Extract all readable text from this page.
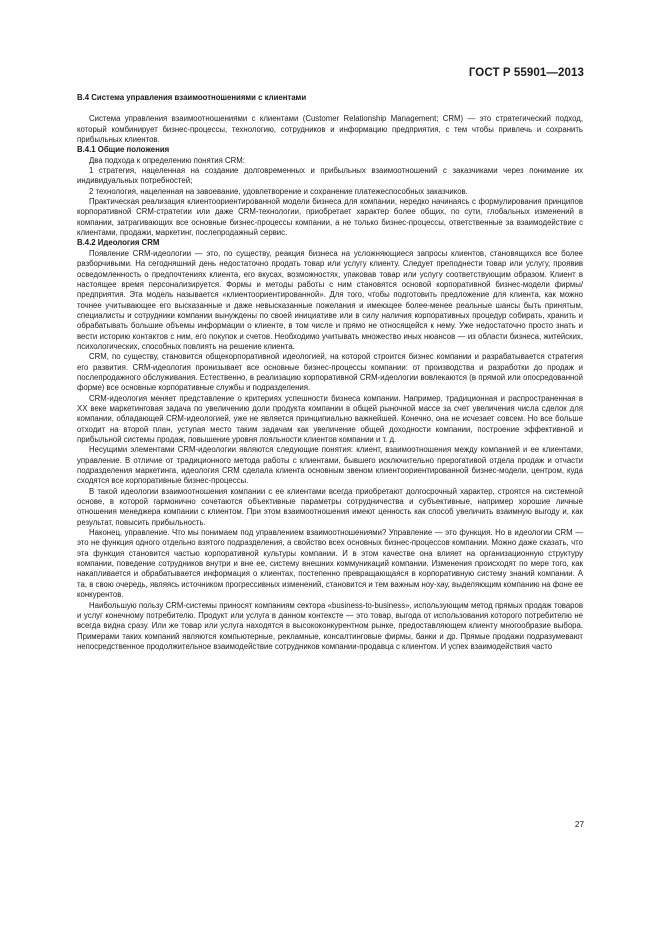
ГОСТ Р 55901—2013
В.4 Система управления взаимоотношениями с клиентами

Система управления взаимоотношениями с клиентами (Customer Relationship Management; CRM) — это стратегический подход, который комбинирует бизнес-процессы, технологию, сотрудников и информацию предприятия, с тем чтобы привлечь и сохранить прибыльных клиентов.

В.4.1 Общие положения

Два подхода к определению понятия CRM:

1 стратегия, нацеленная на создание долговременных и прибыльных взаимоотношений с заказчиками через понимание их индивидуальных потребностей;

2 технология, нацеленная на завоевание, удовлетворение и сохранение платежеспособных заказчиков.

Практическая реализация клиентоориентированной модели бизнеса для компании, нередко начинаясь с формулирования принципов корпоративной CRM-стратегии или даже CRM-технологии, приобретает характер более общих, по сути, глобальных изменений в компании, затрагивающих все основные бизнес-процессы компании, а не только бизнес-процессы, ответственные за взаимодействие с клиентами, продажи, маркетинг, послепродажный сервис.

В.4.2 Идеология CRM

Появление CRM-идеологии — это, по существу, реакция бизнеса на усложняющиеся запросы клиентов, становящихся все более разборчивыми. На сегодняшний день недостаточно продать товар или услугу клиенту. Следует преподнести товар или услугу, проявив осведомленность о предпочтениях клиента, его вкусах, возможностях, упаковав товар или услугу соответствующим образом. Клиент в настоящее время персонализируется. Формы и методы работы с ним становятся основой корпоративной бизнес-модели фирмы/предприятия. Эта модель называется «клиентоориентированной». Для того, чтобы подготовить предложение для клиента, как можно точнее учитывающее его высказанные и даже невысказанные пожелания и имеющее более-менее реальные шансы быть принятым, специалисты и сотрудники компании вынуждены по своей инициативе или в силу наличия корпоративных процедур собирать, хранить и обрабатывать большие объемы информации о клиенте, в том числе и прямо не относящейся к нему. Уже недостаточно просто знать и вести историю контактов с ним, его покупок и счетов. Необходимо учитывать множество иных нюансов — из области бизнеса, житейских, психологических, способных повлиять на решение клиента.

CRM, по существу, становится общекорпоративной идеологией, на которой строится бизнес компании и разрабатывается стратегия его развития. CRM-идеология пронизывает все основные бизнес-процессы компании: от производства и разработки до продаж и послепродажного обслуживания. Естественно, в реализацию корпоративной CRM-идеологии вовлекаются (в прямой или опосредованной форме) все основные корпоративные службы и подразделения.

CRM-идеология меняет представление о критериях успешности бизнеса компании. Например, традиционная и распространенная в XX веке маркетинговая задача по увеличению доли продукта компании в общей рыночной массе за счет увеличения числа сделок для компании, обладающей CRM-идеологией, уже не является принципиально важнейшей. Конечно, она не исчезает совсем. Но все больше отходит на второй план, уступая место таким задачам как увеличение общей доходности компании, построение эффективной и прибыльной системы продаж, повышение уровня лояльности клиентов компании и т. д.

Несущими элементами CRM-идеологии являются следующие понятия: клиент, взаимоотношения между компанией и ее клиентами, управление. В отличие от традиционного метода работы с клиентами, бывшего исключительно прерогативой отдела продаж и отчасти подразделения маркетинга, идеология CRM сделала клиента основным звеном клиентоориентированной бизнес-модели, центром, куда сходятся все корпоративные бизнес-процессы.

В такой идеологии взаимоотношения компании с ее клиентами всегда приобретают долгосрочный характер, строятся на системной основе, в которой гармонично сочетаются объективные параметры сотрудничества и субъективные, например хорошие личные отношения менеджера компании с клиентом. При этом взаимоотношения имеют ценность как способ увеличить взаимную выгоду и, как результат, повысить прибыльность.

Наконец, управление. Что мы понимаем под управлением взаимоотношениями? Управление — это функция. Но в идеологии CRM — это не функция одного отдельно взятого подразделения, а свойство всех основных бизнес-процессов компании. Можно даже сказать, что эта функция становится частью корпоративной культуры компании. И в этом качестве она влияет на организационную структуру компании, поведение сотрудников внутри и вне ее, систему внешних коммуникаций компании. Изменения происходят по мере того, как накапливается и обрабатывается информация о клиентах, постепенно превращающаяся в корпоративную систему знаний компании. А та, в свою очередь, являясь источником прогрессивных изменений, становится и тем важным ноу-хау, выделяющим компанию на фоне ее конкурентов.

Наибольшую пользу CRM-системы приносят компаниям сектора «business-to-business», использующим метод прямых продаж товаров и услуг конечному потребителю. Продукт или услуга в данном контексте — это товар, выгода от использования которого потребителю не всегда видна сразу. Или же товар или услуга находятся в высококонкурентном рынке, предоставляющем клиенту многообразие выбора. Примерами таких компаний являются компьютерные, рекламные, консалтинговые фирмы, банки и др. Прямые продажи подразумевают непосредственное продолжительное взаимодействие сотрудников компании-продавца с клиентом. И успех взаимодействия часто

27
